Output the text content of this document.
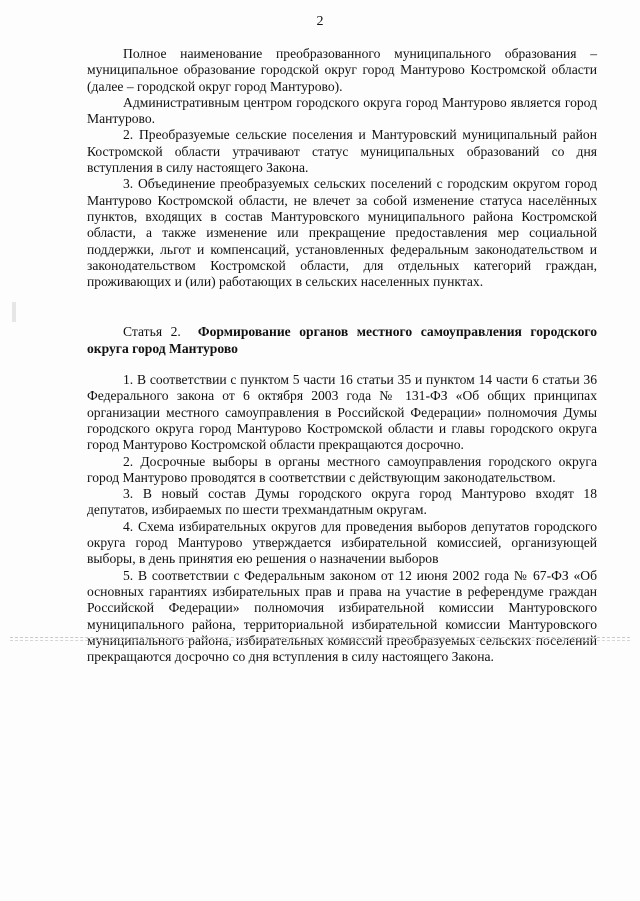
2

Полное наименование преобразованного муниципального образования – муниципальное образование городской округ город Мантурово Костромской области (далее – городской округ город Мантурово).

Административным центром городского округа город Мантурово является город Мантурово.

2. Преобразуемые сельские поселения и Мантуровский муниципальный район Костромской области утрачивают статус муниципальных образований со дня вступления в силу настоящего Закона.

3. Объединение преобразуемых сельских поселений с городским округом город Мантурово Костромской области, не влечет за собой изменение статуса населённых пунктов, входящих в состав Мантуровского муниципального района Костромской области, а также изменение или прекращение предоставления мер социальной поддержки, льгот и компенсаций, установленных федеральным законодательством и законодательством Костромской области, для отдельных категорий граждан, проживающих и (или) работающих в сельских населенных пунктах.

Статья 2. Формирование органов местного самоуправления городского округа город Мантурово

1. В соответствии с пунктом 5 части 16 статьи 35 и пунктом 14 части 6 статьи 36 Федерального закона от 6 октября 2003 года № 131-ФЗ «Об общих принципах организации местного самоуправления в Российской Федерации» полномочия Думы городского округа город Мантурово Костромской области и главы городского округа город Мантурово Костромской области прекращаются досрочно.

2. Досрочные выборы в органы местного самоуправления городского округа город Мантурово проводятся в соответствии с действующим законодательством.

3. В новый состав Думы городского округа город Мантурово входят 18 депутатов, избираемых по шести трехмандатным округам.

4. Схема избирательных округов для проведения выборов депутатов городского округа город Мантурово утверждается избирательной комиссией, организующей выборы, в день принятия ею решения о назначении выборов

5. В соответствии с Федеральным законом от 12 июня 2002 года № 67-ФЗ «Об основных гарантиях избирательных прав и права на участие в референдуме граждан Российской Федерации» полномочия избирательной комиссии Мантуровского муниципального района, территориальной избирательной комиссии Мантуровского муниципального района, избирательных комиссий преобразуемых сельских поселений прекращаются досрочно со дня вступления в силу настоящего Закона.
